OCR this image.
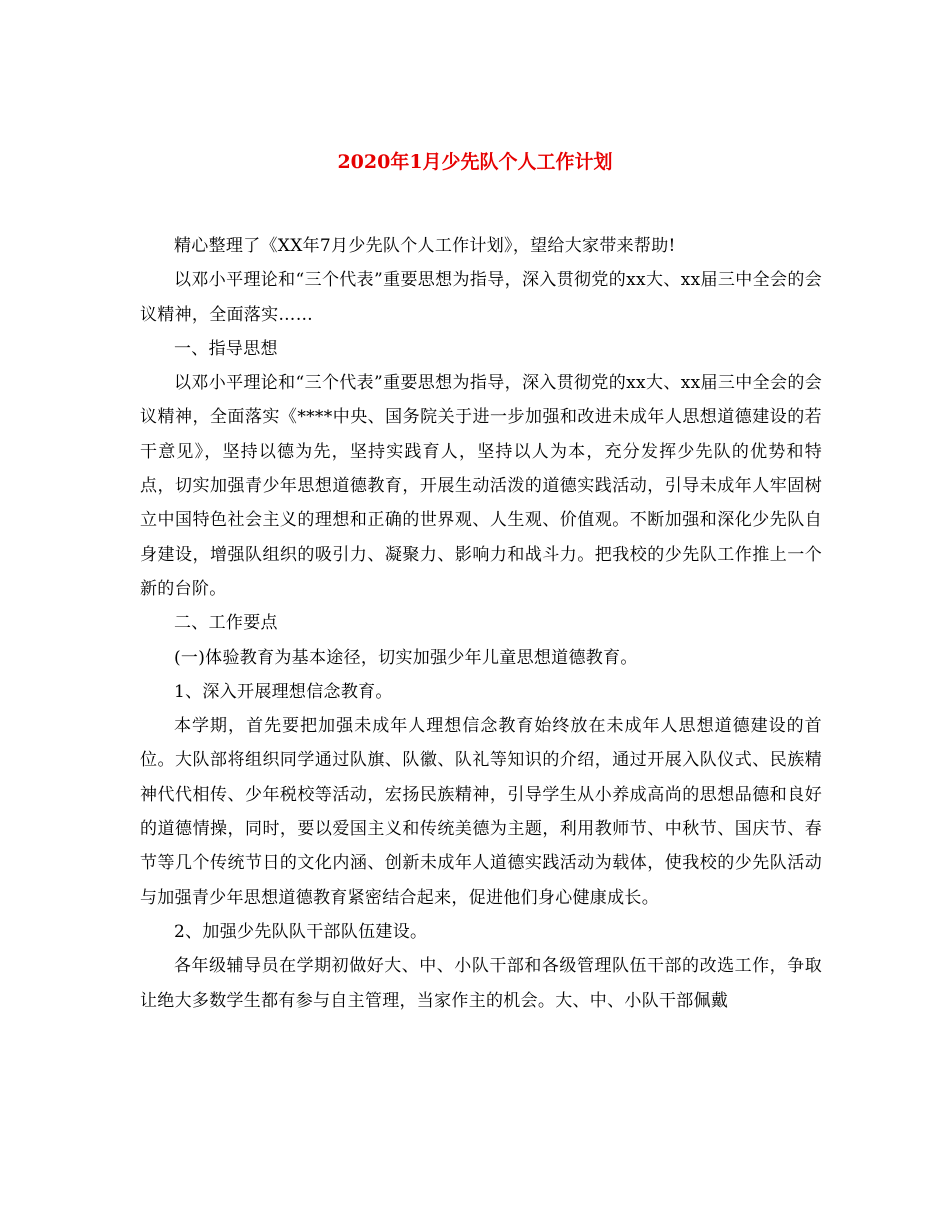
2020年1月少先队个人工作计划

精心整理了《XX年7月少先队个人工作计划》，望给大家带来帮助!

以邓小平理论和“三个代表”重要思想为指导，深入贯彻党的xx大、xx届三中全会的会议精神，全面落实……

一、指导思想

以邓小平理论和“三个代表”重要思想为指导，深入贯彻党的xx大、xx届三中全会的会议精神，全面落实《****中央、国务院关于进一步加强和改进未成年人思想道德建设的若干意见》，坚持以德为先，坚持实践育人，坚持以人为本，充分发挥少先队的优势和特点，切实加强青少年思想道德教育，开展生动活泼的道德实践活动，引导未成年人牢固树立中国特色社会主义的理想和正确的世界观、人生观、价值观。不断加强和深化少先队自身建设，增强队组织的吸引力、凝聚力、影响力和战斗力。把我校的少先队工作推上一个新的台阶。

二、工作要点

(一)体验教育为基本途径，切实加强少年儿童思想道德教育。

1、深入开展理想信念教育。

本学期，首先要把加强未成年人理想信念教育始终放在未成年人思想道德建设的首位。大队部将组织同学通过队旗、队徽、队礼等知识的介绍，通过开展入队仪式、民族精神代代相传、少年税校等活动，宏扬民族精神，引导学生从小养成高尚的思想品德和良好的道德情操，同时，要以爱国主义和传统美德为主题，利用教师节、中秋节、国庆节、春节等几个传统节日的文化内涵、创新未成年人道德实践活动为载体，使我校的少先队活动与加强青少年思想道德教育紧密结合起来，促进他们身心健康成长。

2、加强少先队队干部队伍建设。

各年级辅导员在学期初做好大、中、小队干部和各级管理队伍干部的改选工作，争取让绝大多数学生都有参与自主管理，当家作主的机会。大、中、小队干部佩戴
